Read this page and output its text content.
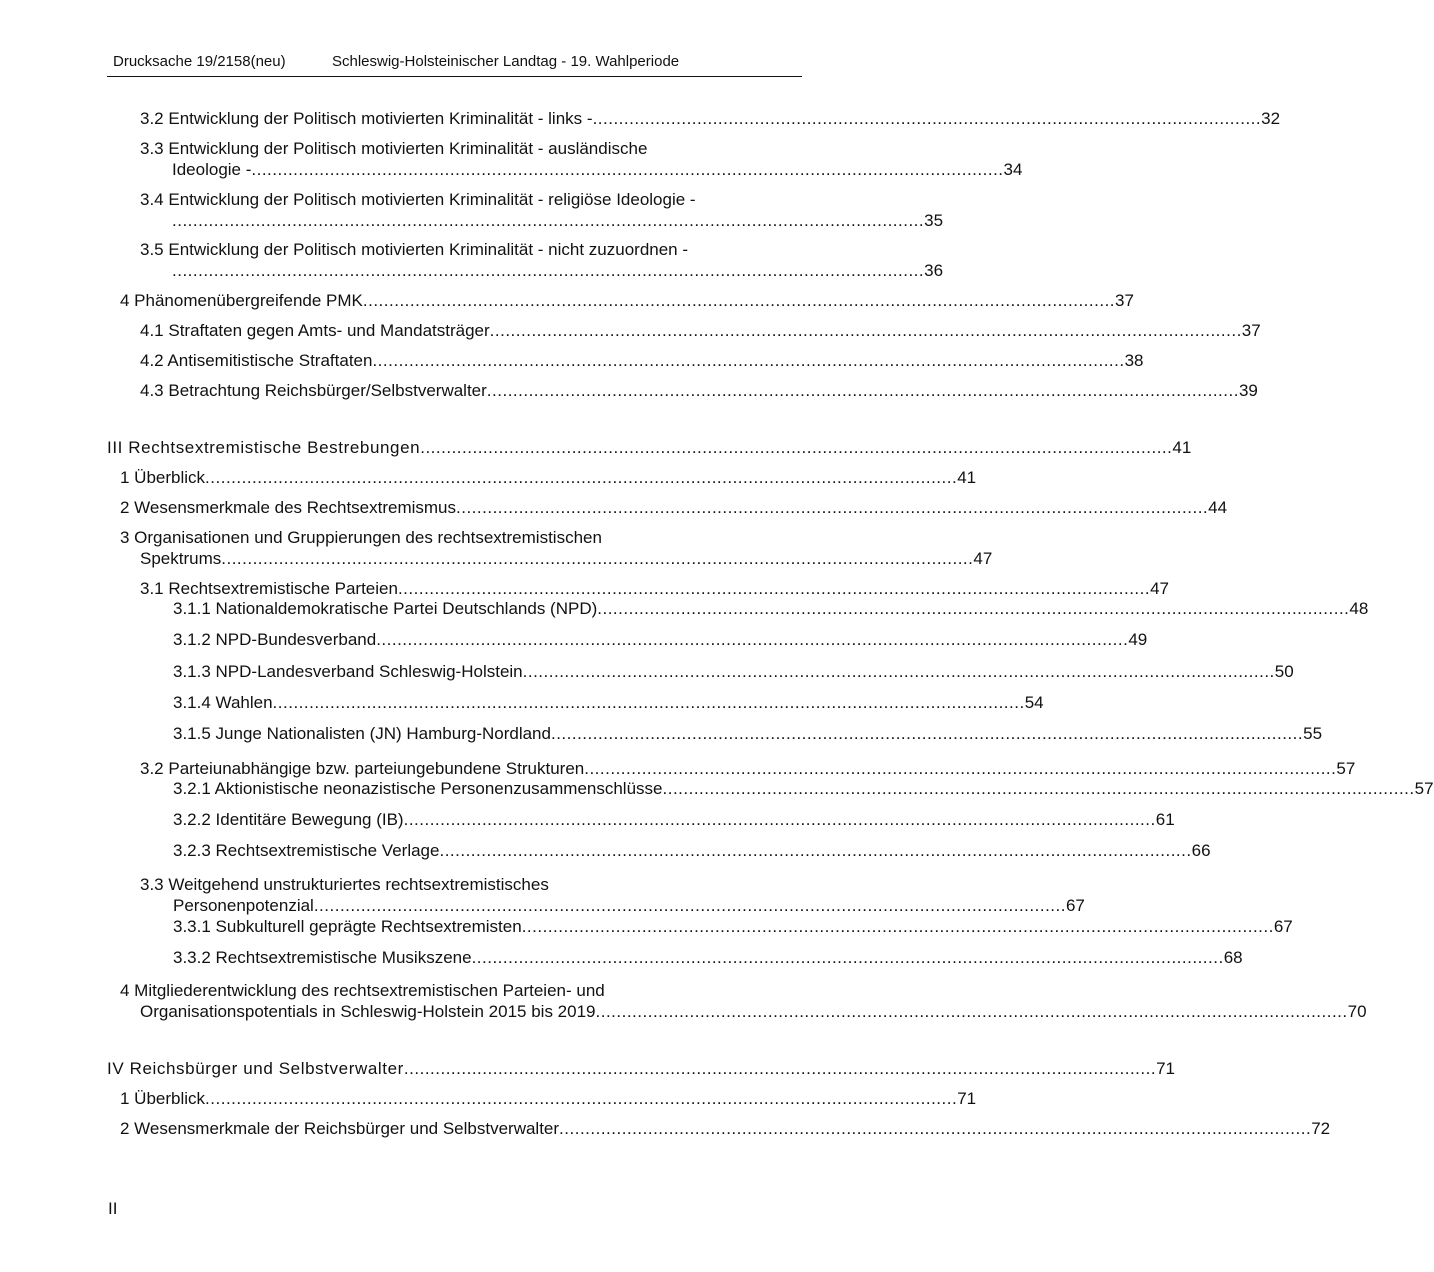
Drucksache 19/2158(neu)	Schleswig-Holsteinischer Landtag - 19. Wahlperiode
3.2 Entwicklung der Politisch motivierten Kriminalität - links - ................................................................................................................................ 32
3.3 Entwicklung der Politisch motivierten Kriminalität - ausländische
Ideologie - ................................................................................................................................................ 34
3.4 Entwicklung der Politisch motivierten Kriminalität - religiöse Ideologie -
................................................................................................................................................ 35
3.5 Entwicklung der Politisch motivierten Kriminalität - nicht zuzuordnen -
................................................................................................................................................ 36
4 Phänomenübergreifende PMK ................................................................................................................................................ 37
4.1 Straftaten gegen Amts- und Mandatsträger ................................................................................................................................................ 37
4.2 Antisemitistische Straftaten ................................................................................................................................................ 38
4.3 Betrachtung Reichsbürger/Selbstverwalter ................................................................................................................................................ 39
III Rechtsextremistische Bestrebungen ................................................................................................................................................ 41
1 Überblick ................................................................................................................................................ 41
2 Wesensmerkmale des Rechtsextremismus ................................................................................................................................................ 44
3 Organisationen und Gruppierungen des rechtsextremistischen
Spektrums ................................................................................................................................................ 47
3.1 Rechtsextremistische Parteien ................................................................................................................................................ 47
3.1.1 Nationaldemokratische Partei Deutschlands (NPD) ................................................................................................................................................ 48
3.1.2 NPD-Bundesverband ................................................................................................................................................ 49
3.1.3 NPD-Landesverband Schleswig-Holstein ................................................................................................................................................ 50
3.1.4 Wahlen ................................................................................................................................................ 54
3.1.5 Junge Nationalisten (JN) Hamburg-Nordland ................................................................................................................................................ 55
3.2 Parteiunabhängige bzw. parteiungebundene Strukturen ................................................................................................................................................ 57
3.2.1 Aktionistische neonazistische Personenzusammenschlüsse ................................................................................................................................................ 57
3.2.2 Identitäre Bewegung (IB) ................................................................................................................................................ 61
3.2.3 Rechtsextremistische Verlage ................................................................................................................................................ 66
3.3 Weitgehend unstrukturiertes rechtsextremistisches
Personenpotenzial ................................................................................................................................................ 67
3.3.1 Subkulturell geprägte Rechtsextremisten ................................................................................................................................................ 67
3.3.2 Rechtsextremistische Musikszene ................................................................................................................................................ 68
4 Mitgliederentwicklung des rechtsextremistischen Parteien- und
Organisationspotentials in Schleswig-Holstein 2015 bis 2019 ................................................................................................................................................ 70
IV Reichsbürger und Selbstverwalter ................................................................................................................................................ 71
1 Überblick ................................................................................................................................................ 71
2 Wesensmerkmale der Reichsbürger und Selbstverwalter ................................................................................................................................................ 72
II
